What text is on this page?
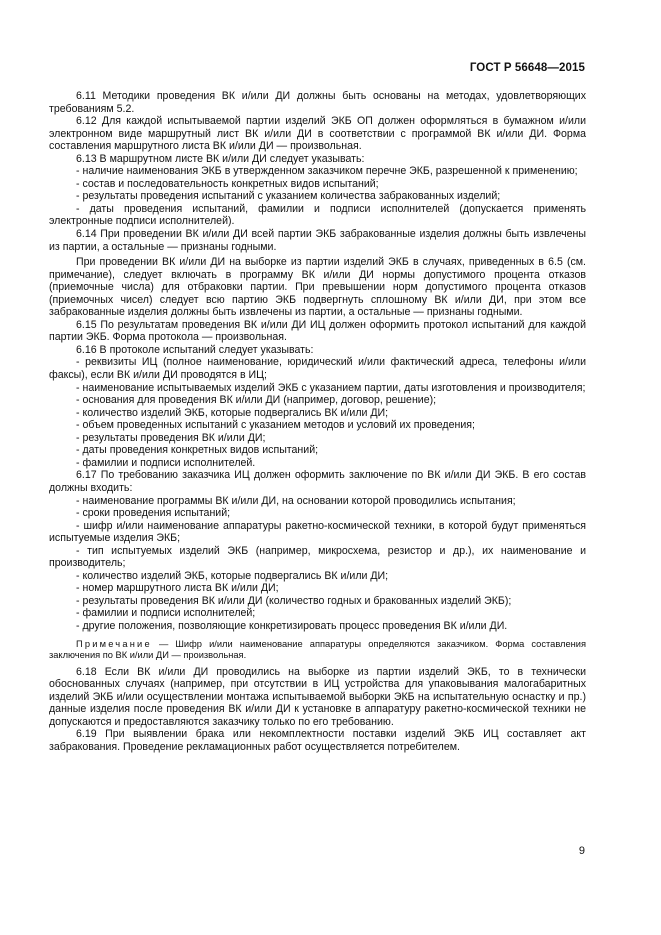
ГОСТ Р 56648—2015

6.11 Методики проведения ВК и/или ДИ должны быть основаны на методах, удовлетворяющих требованиям 5.2.

6.12 Для каждой испытываемой партии изделий ЭКБ ОП должен оформляться в бумажном и/или электронном виде маршрутный лист ВК и/или ДИ в соответствии с программой ВК и/или ДИ. Форма составления маршрутного листа ВК и/или ДИ — произвольная.

6.13 В маршрутном листе ВК и/или ДИ следует указывать:

- наличие наименования ЭКБ в утвержденном заказчиком перечне ЭКБ, разрешенной к применению;

- состав и последовательность конкретных видов испытаний;

- результаты проведения испытаний с указанием количества забракованных изделий;

- даты проведения испытаний, фамилии и подписи исполнителей (допускается применять электронные подписи исполнителей).

6.14 При проведении ВК и/или ДИ всей партии ЭКБ забракованные изделия должны быть извлечены из партии, а остальные — признаны годными.

При проведении ВК и/или ДИ на выборке из партии изделий ЭКБ в случаях, приведенных в 6.5 (см. примечание), следует включать в программу ВК и/или ДИ нормы допустимого процента отказов (приемочные числа) для отбраковки партии. При превышении норм допустимого процента отказов (приемочных чисел) следует всю партию ЭКБ подвергнуть сплошному ВК и/или ДИ, при этом все забракованные изделия должны быть извлечены из партии, а остальные — признаны годными.

6.15 По результатам проведения ВК и/или ДИ ИЦ должен оформить протокол испытаний для каждой партии ЭКБ. Форма протокола — произвольная.

6.16 В протоколе испытаний следует указывать:

- реквизиты ИЦ (полное наименование, юридический и/или фактический адреса, телефоны и/или факсы), если ВК и/или ДИ проводятся в ИЦ;

- наименование испытываемых изделий ЭКБ с указанием партии, даты изготовления и производителя;

- основания для проведения ВК и/или ДИ (например, договор, решение);

- количество изделий ЭКБ, которые подвергались ВК и/или ДИ;

- объем проведенных испытаний с указанием методов и условий их проведения;

- результаты проведения ВК и/или ДИ;

- даты проведения конкретных видов испытаний;

- фамилии и подписи исполнителей.

6.17 По требованию заказчика ИЦ должен оформить заключение по ВК и/или ДИ ЭКБ. В его состав должны входить:

- наименование программы ВК и/или ДИ, на основании которой проводились испытания;

- сроки проведения испытаний;

- шифр и/или наименование аппаратуры ракетно-космической техники, в которой будут применяться испытуемые изделия ЭКБ;

- тип испытуемых изделий ЭКБ (например, микросхема, резистор и др.), их наименование и производитель;

- количество изделий ЭКБ, которые подвергались ВК и/или ДИ;

- номер маршрутного листа ВК и/или ДИ;

- результаты проведения ВК и/или ДИ (количество годных и бракованных изделий ЭКБ);

- фамилии и подписи исполнителей;

- другие положения, позволяющие конкретизировать процесс проведения ВК и/или ДИ.

Примечание — Шифр и/или наименование аппаратуры определяются заказчиком. Форма составления заключения по ВК и/или ДИ — произвольная.

6.18 Если ВК и/или ДИ проводились на выборке из партии изделий ЭКБ, то в технически обоснованных случаях (например, при отсутствии в ИЦ устройства для упаковывания малогабаритных изделий ЭКБ и/или осуществлении монтажа испытываемой выборки ЭКБ на испытательную оснастку и пр.) данные изделия после проведения ВК и/или ДИ к установке в аппаратуру ракетно-космической техники не допускаются и предоставляются заказчику только по его требованию.

6.19 При выявлении брака или некомплектности поставки изделий ЭКБ ИЦ составляет акт забракования. Проведение рекламационных работ осуществляется потребителем.

9
